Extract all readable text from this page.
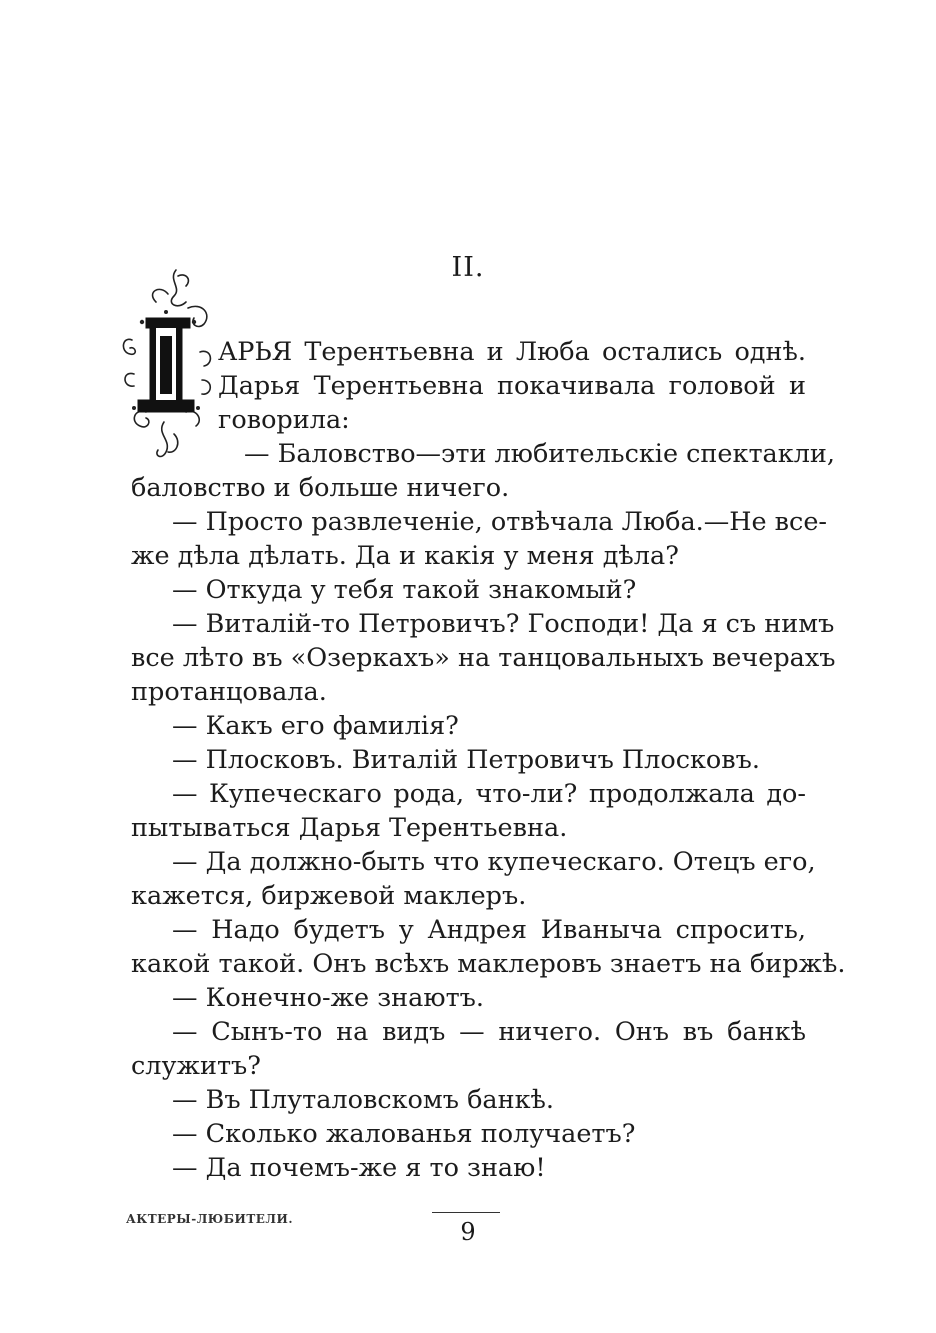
II.
АРЬЯ Терентьевна и Люба остались однѣ.
Дарья Терентьевна покачивала головой и
говорила:
— Баловство—эти любительскіе спектакли,
баловство и больше ничего.
— Просто развлеченіе, отвѣчала Люба.—Не все-
же дѣла дѣлать. Да и какія у меня дѣла?
— Откуда у тебя такой знакомый?
— Виталій-то Петровичъ? Господи! Да я съ нимъ
все лѣто въ «Озеркахъ» на танцовальныхъ вечерахъ
протанцовала.
— Какъ его фамилія?
— Плосковъ. Виталій Петровичъ Плосковъ.
— Купеческаго рода, что-ли? продолжала до-
пытываться Дарья Терентьевна.
— Да должно-быть что купеческаго. Отецъ его,
кажется, биржевой маклеръ.
— Надо будетъ у Андрея Иваныча спросить,
какой такой. Онъ всѣхъ маклеровъ знаетъ на биржѣ.
— Конечно-же знаютъ.
— Сынъ-то на видъ — ничего. Онъ въ банкѣ
служитъ?
— Въ Плуталовскомъ банкѣ.
— Сколько жалованья получаетъ?
— Да почемъ-же я то знаю!
АКТЕРЫ-ЛЮБИТЕЛИ.	9
